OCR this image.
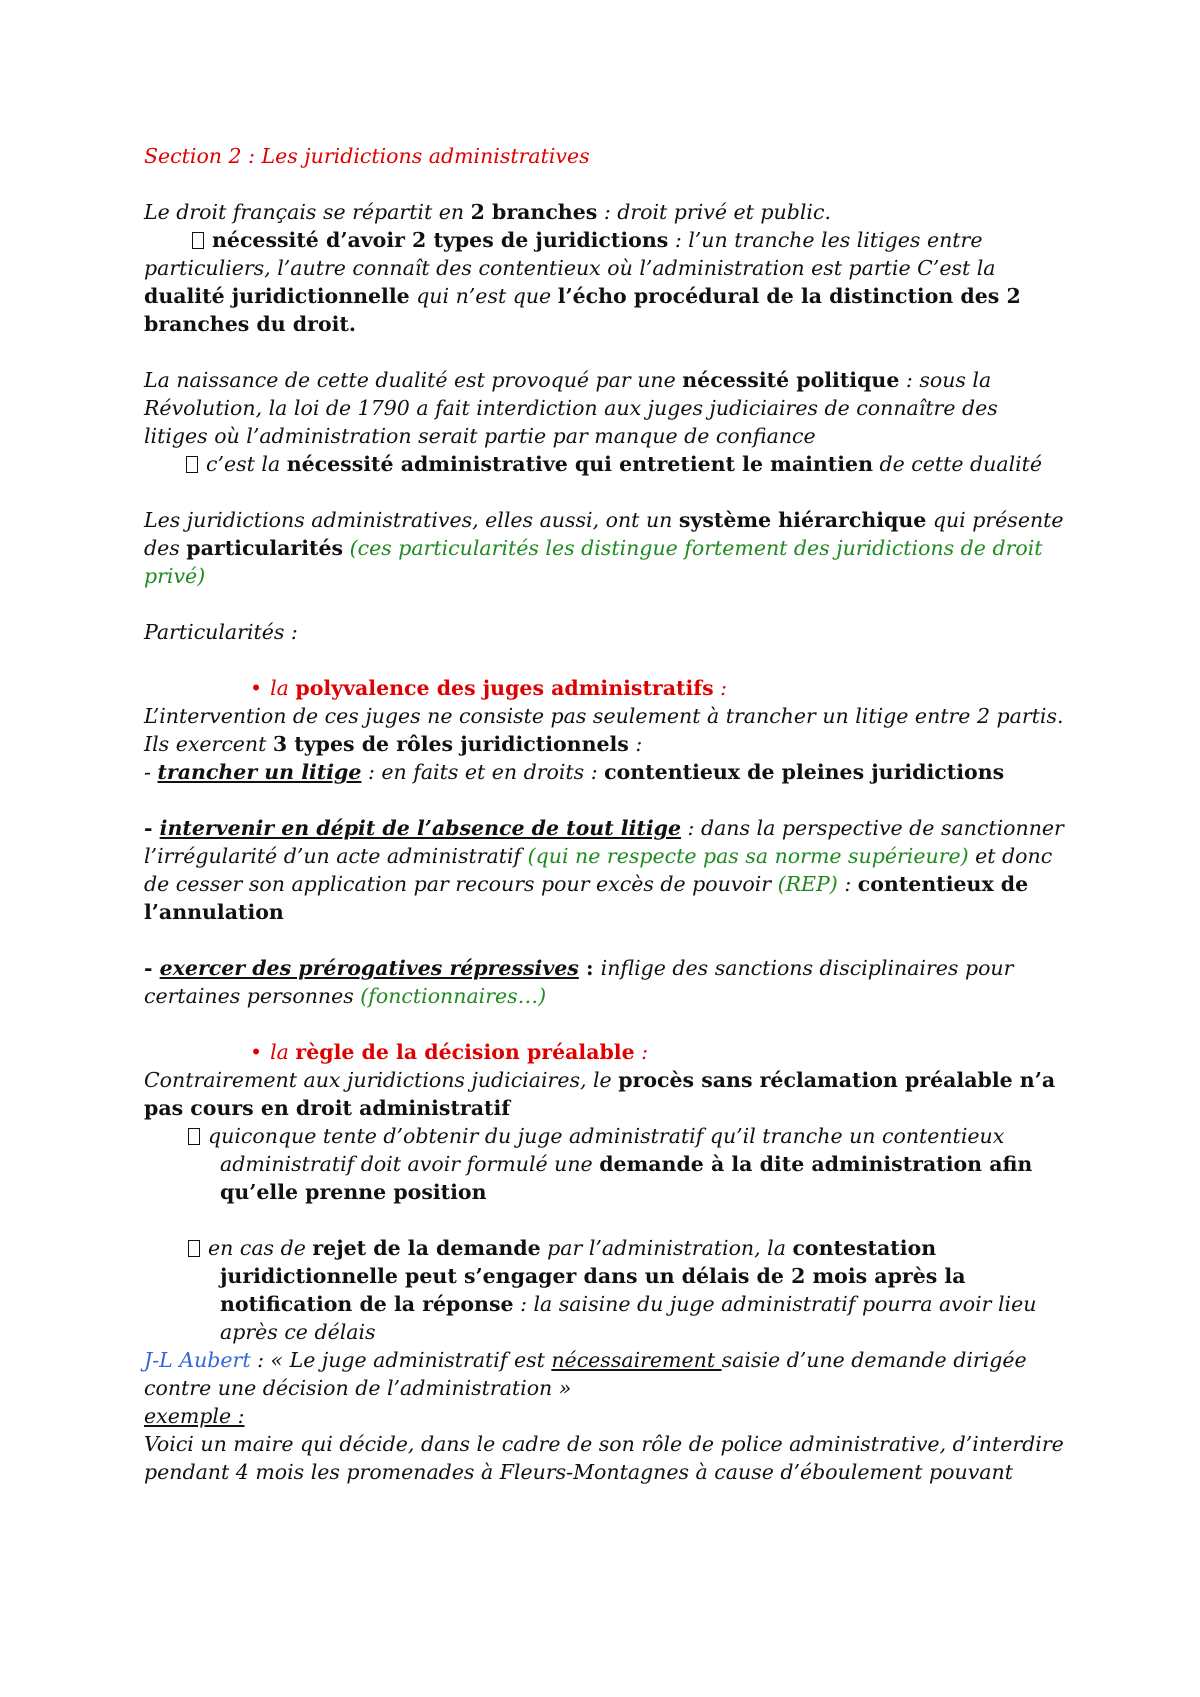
Section 2 : Les juridictions administratives

Le droit français se répartit en 2 branches : droit privé et public.

nécessité d’avoir 2 types de juridictions : l’un tranche les litiges entre particuliers, l’autre connaît des contentieux où l’administration est partie C’est la dualité juridictionnelle qui n’est que l’écho procédural de la distinction des 2 branches du droit.

La naissance de cette dualité est provoqué par une nécessité politique : sous la Révolution, la loi de 1790 a fait interdiction aux juges judiciaires de connaître des litiges où l’administration serait partie par manque de confiance

c’est la nécessité administrative qui entretient le maintien de cette dualité

Les juridictions administratives, elles aussi, ont un système hiérarchique qui présente des particularités (ces particularités les distingue fortement des juridictions de droit privé)

Particularités :

• la polyvalence des juges administratifs :

L’intervention de ces juges ne consiste pas seulement à trancher un litige entre 2 partis. Ils exercent 3 types de rôles juridictionnels :

- trancher un litige : en faits et en droits : contentieux de pleines juridictions

- intervenir en dépit de l’absence de tout litige : dans la perspective de sanctionner l’irrégularité d’un acte administratif (qui ne respecte pas sa norme supérieure) et donc de cesser son application par recours pour excès de pouvoir (REP) : contentieux de l’annulation

- exercer des prérogatives répressives : inflige des sanctions disciplinaires pour certaines personnes (fonctionnaires…)

• la règle de la décision préalable :

Contrairement aux juridictions judiciaires, le procès sans réclamation préalable n’a pas cours en droit administratif

quiconque tente d’obtenir du juge administratif qu’il tranche un contentieux administratif doit avoir formulé une demande à la dite administration afin qu’elle prenne position

en cas de rejet de la demande par l’administration, la contestation juridictionnelle peut s’engager dans un délais de 2 mois après la notification de la réponse : la saisine du juge administratif pourra avoir lieu après ce délais

J-L Aubert : « Le juge administratif est nécessairement saisie d’une demande dirigée contre une décision de l’administration »

exemple :

Voici un maire qui décide, dans le cadre de son rôle de police administrative, d’interdire pendant 4 mois les promenades à Fleurs-Montagnes à cause d’éboulement pouvant
